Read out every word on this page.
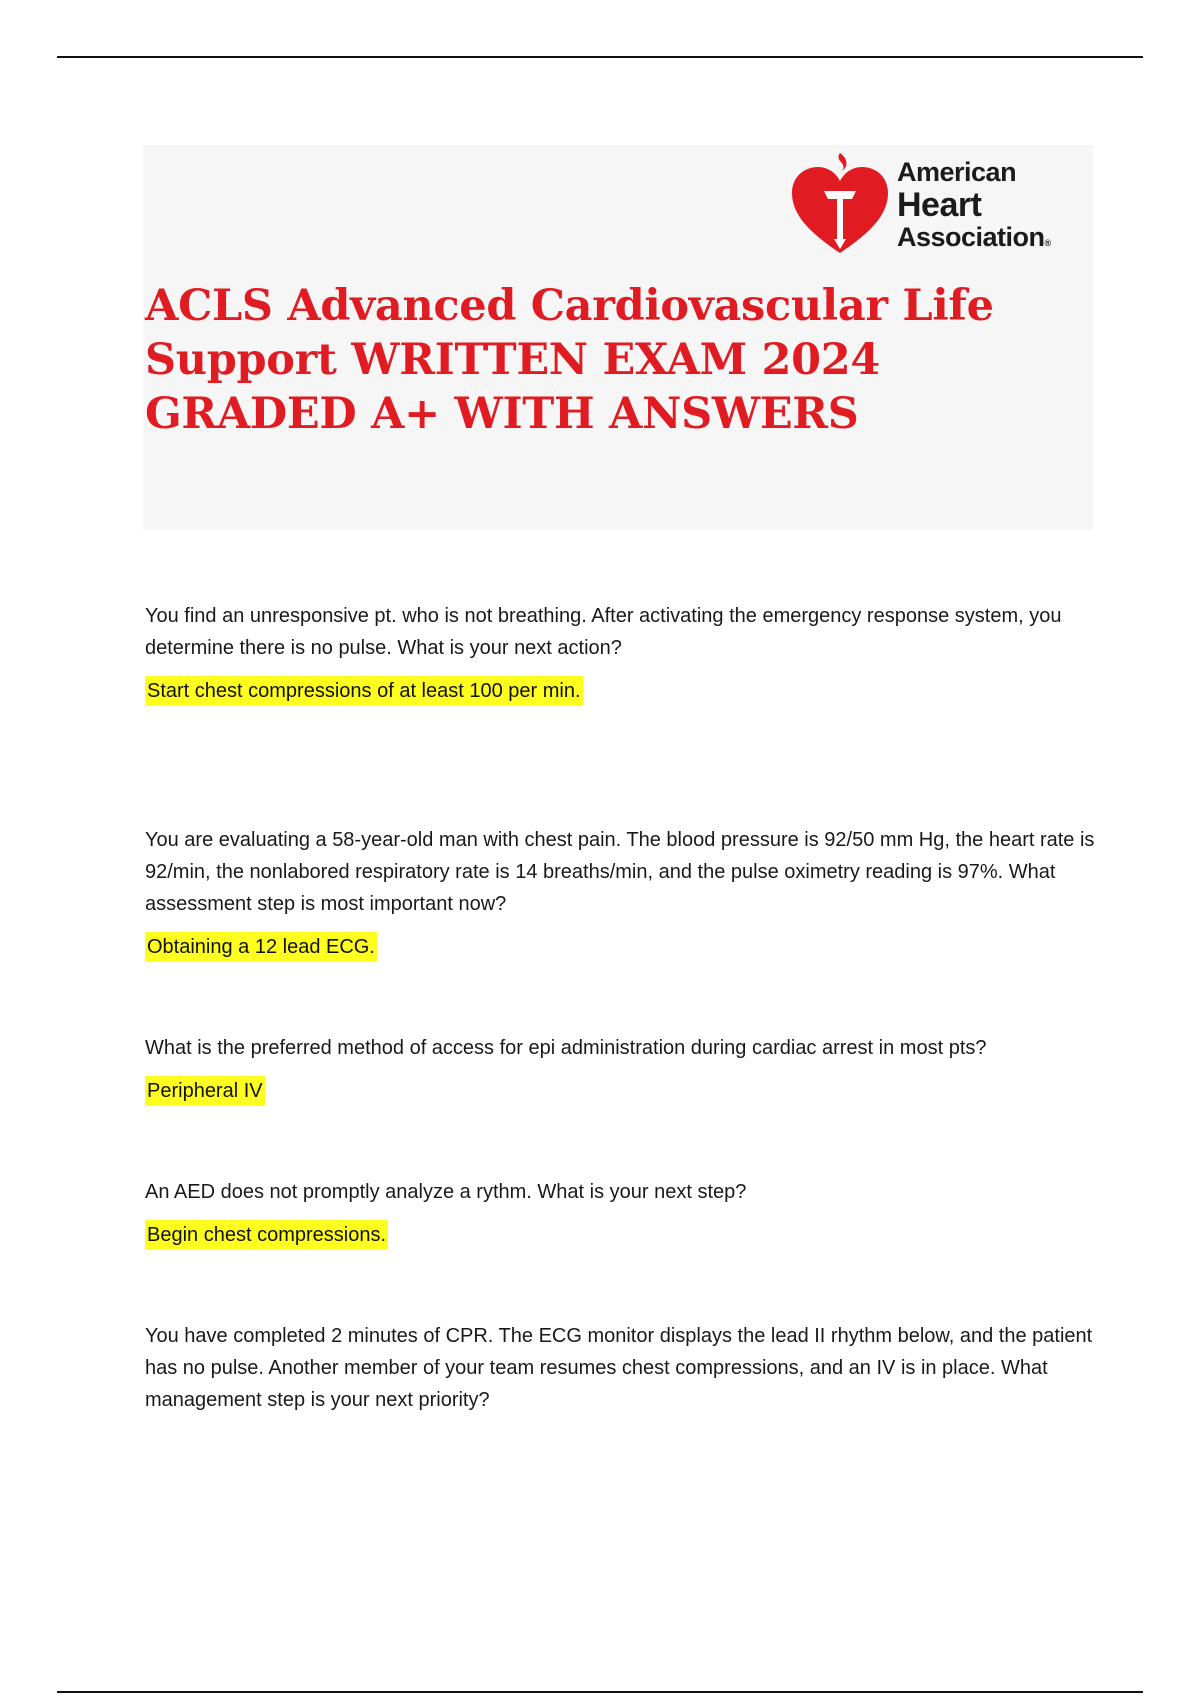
American
Heart
Association®
ACLS Advanced Cardiovascular Life Support WRITTEN EXAM 2024 GRADED A+ WITH ANSWERS

You find an unresponsive pt. who is not breathing. After activating the emergency response system, you determine there is no pulse. What is your next action?

Start chest compressions of at least 100 per min.

You are evaluating a 58-year-old man with chest pain. The blood pressure is 92/50 mm Hg, the heart rate is 92/min, the nonlabored respiratory rate is 14 breaths/min, and the pulse oximetry reading is 97%. What assessment step is most important now?

Obtaining a 12 lead ECG.

What is the preferred method of access for epi administration during cardiac arrest in most pts?

Peripheral IV

An AED does not promptly analyze a rythm. What is your next step?

Begin chest compressions.

You have completed 2 minutes of CPR. The ECG monitor displays the lead II rhythm below, and the patient has no pulse. Another member of your team resumes chest compressions, and an IV is in place. What management step is your next priority?
